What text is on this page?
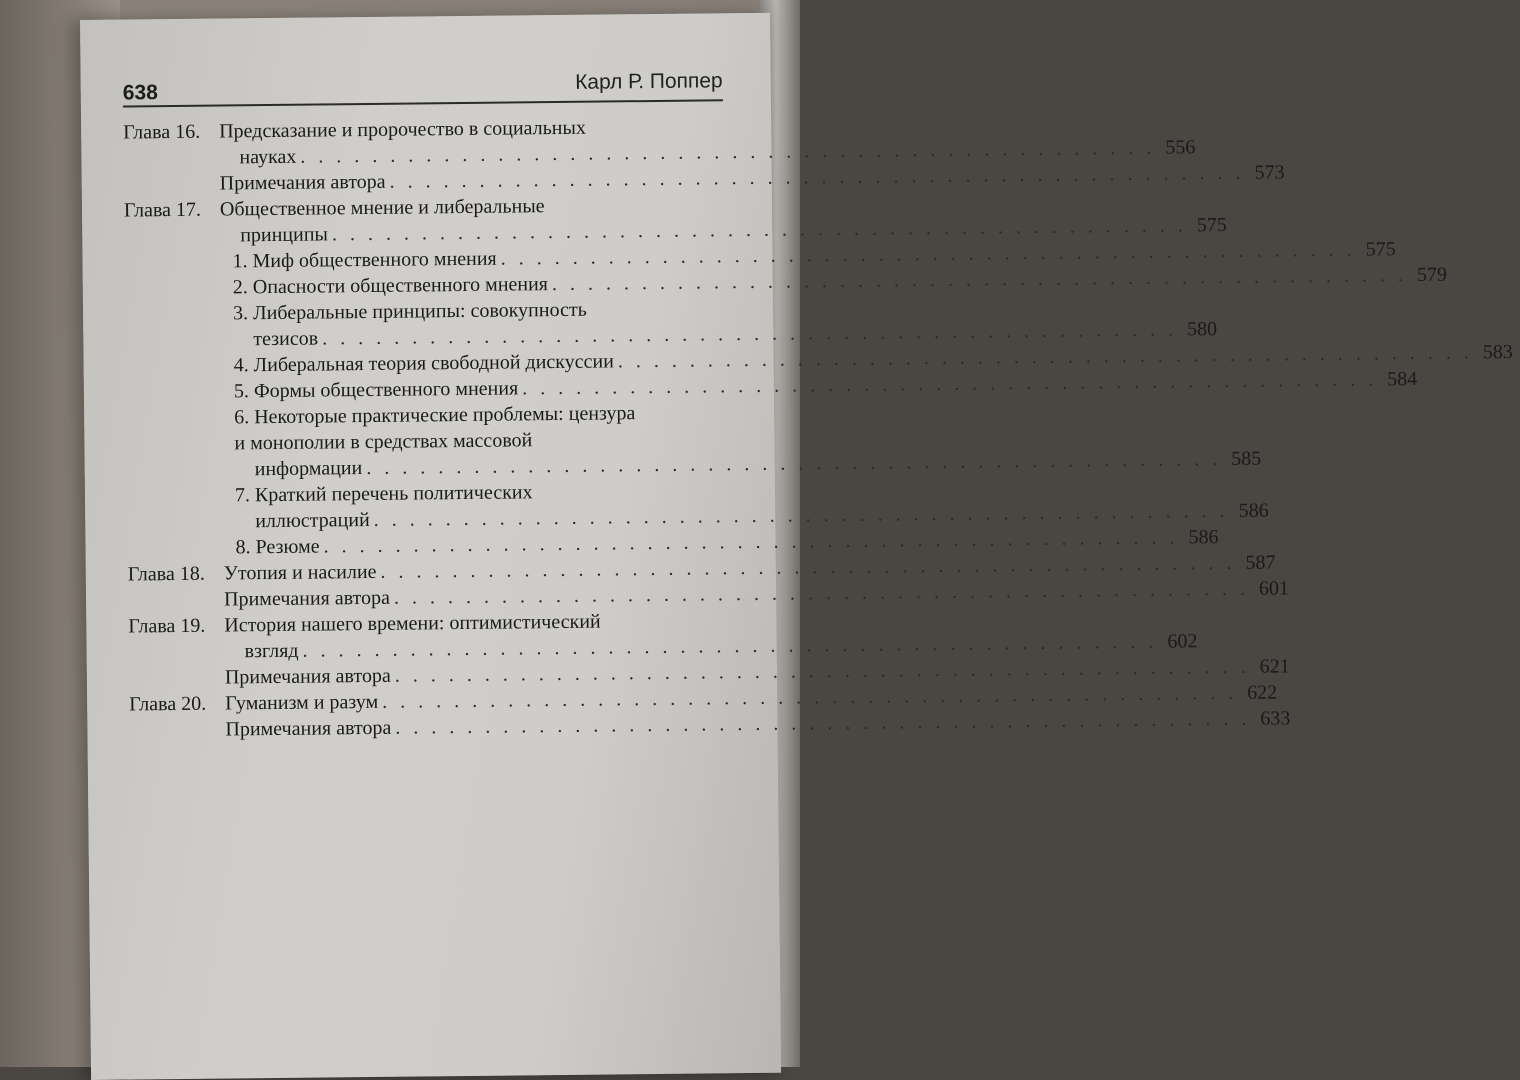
638	Карл Р. Поппер
Глава 16. Предсказание и пророчество в социальных
науках . . . . . . . . . . . . . . . . . . . . . . . . . . . . . . . . . . . . . . . . . . . . . . . . 556
Примечания автора . . . . . . . . . . . . . . . . . . . . . . . . . . . . . . . . . . . . . . . . . . . . . . . . 573
Глава 17. Общественное мнение и либеральные
принципы . . . . . . . . . . . . . . . . . . . . . . . . . . . . . . . . . . . . . . . . . . . . . . . . 575
1. Миф общественного мнения . . . . . . . . . . . . . . . . . . . . . . . . . . . . . . . . . . . . . . . . . . . . . . . . 575
2. Опасности общественного мнения . . . . . . . . . . . . . . . . . . . . . . . . . . . . . . . . . . . . . . . . . . . . . . . . 579
3. Либеральные принципы: совокупность
тезисов . . . . . . . . . . . . . . . . . . . . . . . . . . . . . . . . . . . . . . . . . . . . . . . . 580
4. Либеральная теория свободной дискуссии . . . . . . . . . . . . . . . . . . . . . . . . . . . . . . . . . . . . . . . . . . . . . . . . 583
5. Формы общественного мнения . . . . . . . . . . . . . . . . . . . . . . . . . . . . . . . . . . . . . . . . . . . . . . . . 584
6. Некоторые практические проблемы: цензура
и монополии в средствах массовой
информации . . . . . . . . . . . . . . . . . . . . . . . . . . . . . . . . . . . . . . . . . . . . . . . . 585
7. Краткий перечень политических
иллюстраций . . . . . . . . . . . . . . . . . . . . . . . . . . . . . . . . . . . . . . . . . . . . . . . . 586
8. Резюме . . . . . . . . . . . . . . . . . . . . . . . . . . . . . . . . . . . . . . . . . . . . . . . . 586
Глава 18. Утопия и насилие . . . . . . . . . . . . . . . . . . . . . . . . . . . . . . . . . . . . . . . . . . . . . . . . 587
Примечания автора . . . . . . . . . . . . . . . . . . . . . . . . . . . . . . . . . . . . . . . . . . . . . . . . 601
Глава 19. История нашего времени: оптимистический
взгляд . . . . . . . . . . . . . . . . . . . . . . . . . . . . . . . . . . . . . . . . . . . . . . . . 602
Примечания автора . . . . . . . . . . . . . . . . . . . . . . . . . . . . . . . . . . . . . . . . . . . . . . . . 621
Глава 20. Гуманизм и разум . . . . . . . . . . . . . . . . . . . . . . . . . . . . . . . . . . . . . . . . . . . . . . . . 622
Примечания автора . . . . . . . . . . . . . . . . . . . . . . . . . . . . . . . . . . . . . . . . . . . . . . . . 633
